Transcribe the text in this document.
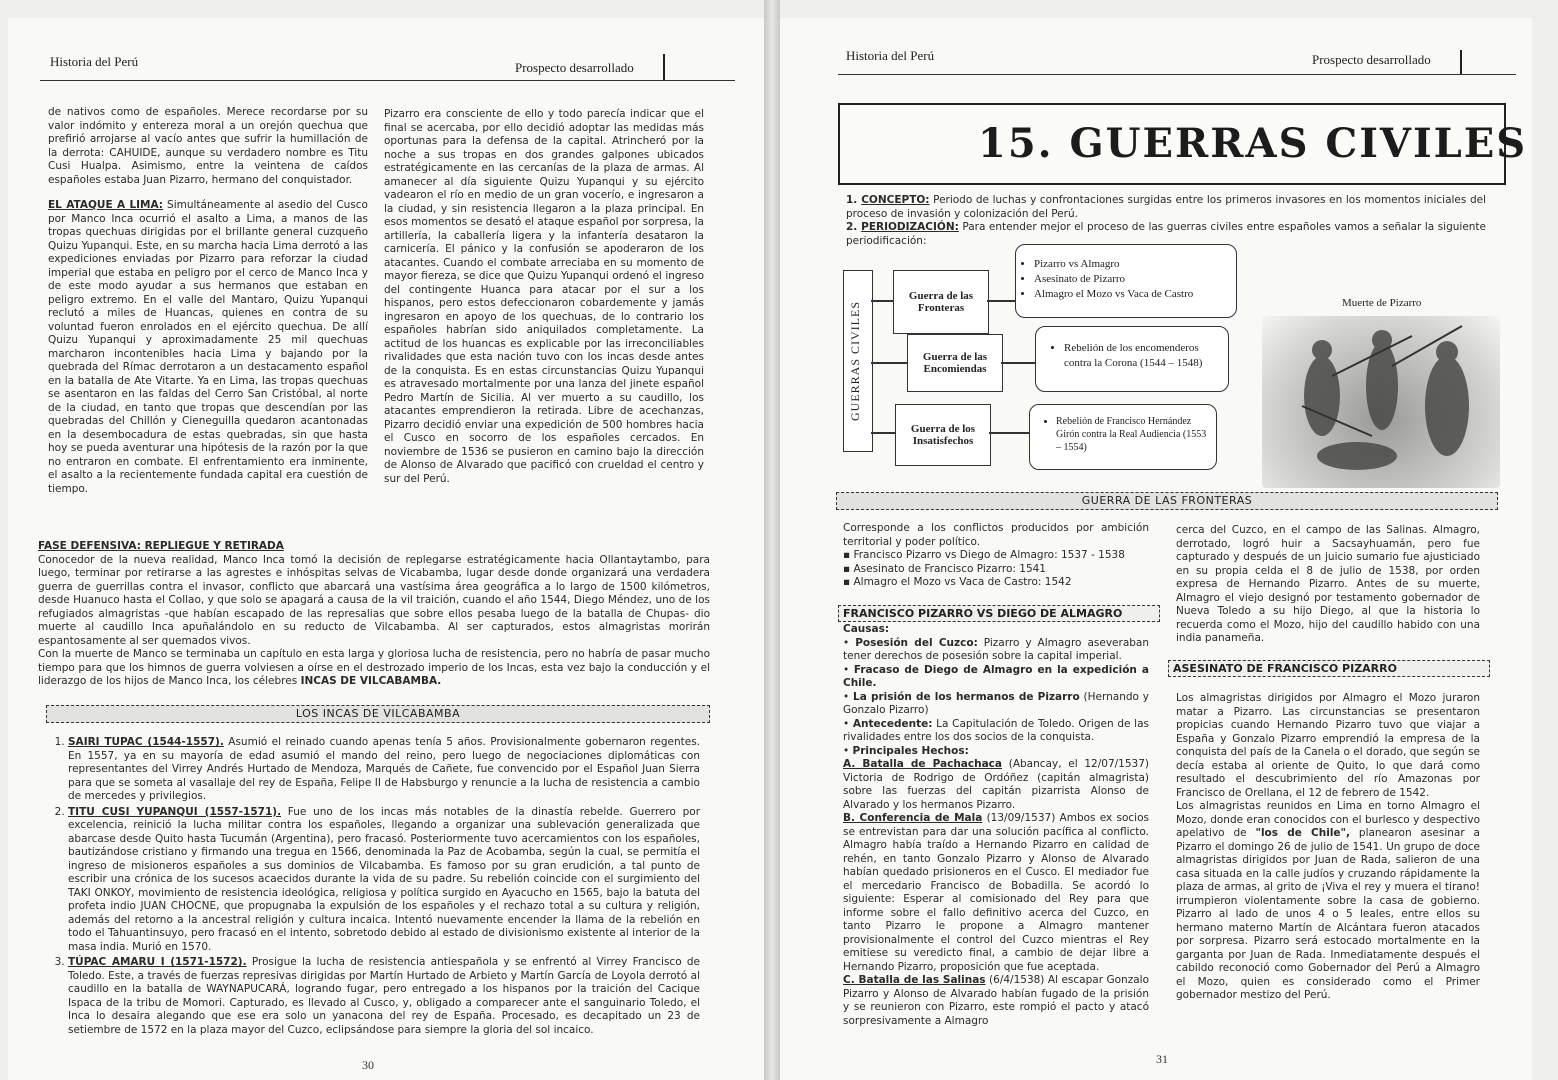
Historia del Perú	Prospecto desarrollado

de nativos como de españoles. Merece recordarse por su valor indómito y entereza moral a un orejón quechua que prefirió arrojarse al vacío antes que sufrir la humillación de la derrota: CAHUIDE, aunque su verdadero nombre es Titu Cusi Hualpa. Asimismo, entre la veintena de caídos españoles estaba Juan Pizarro, hermano del conquistador.

EL ATAQUE A LIMA: Simultáneamente al asedio del Cusco por Manco Inca ocurrió el asalto a Lima, a manos de las tropas quechuas dirigidas por el brillante general cuzqueño Quizu Yupanqui. Este, en su marcha hacia Lima derrotó a las expediciones enviadas por Pizarro para reforzar la ciudad imperial que estaba en peligro por el cerco de Manco Inca y de este modo ayudar a sus hermanos que estaban en peligro extremo. En el valle del Mantaro, Quizu Yupanqui reclutó a miles de Huancas, quienes en contra de su voluntad fueron enrolados en el ejército quechua. De allí Quizu Yupanqui y aproximadamente 25 mil quechuas marcharon incontenibles hacia Lima y bajando por la quebrada del Rímac derrotaron a un destacamento español en la batalla de Ate Vitarte. Ya en Lima, las tropas quechuas se asentaron en las faldas del Cerro San Cristóbal, al norte de la ciudad, en tanto que tropas que descendían por las quebradas del Chillón y Cieneguilla quedaron acantonadas en la desembocadura de estas quebradas, sin que hasta hoy se pueda aventurar una hipótesis de la razón por la que no entraron en combate. El enfrentamiento era inminente, el asalto a la recientemente fundada capital era cuestión de tiempo.

Pizarro era consciente de ello y todo parecía indicar que el final se acercaba, por ello decidió adoptar las medidas más oportunas para la defensa de la capital. Atrincheró por la noche a sus tropas en dos grandes galpones ubicados estratégicamente en las cercanías de la plaza de armas. Al amanecer al día siguiente Quizu Yupanqui y su ejército vadearon el río en medio de un gran vocerío, e ingresaron a la ciudad, y sin resistencia llegaron a la plaza principal. En esos momentos se desató el ataque español por sorpresa, la artillería, la caballería ligera y la infantería desataron la carnicería. El pánico y la confusión se apoderaron de los atacantes. Cuando el combate arreciaba en su momento de mayor fiereza, se dice que Quizu Yupanqui ordenó el ingreso del contingente Huanca para atacar por el sur a los hispanos, pero estos defeccionaron cobardemente y jamás ingresaron en apoyo de los quechuas, de lo contrario los españoles habrían sido aniquilados completamente. La actitud de los huancas es explicable por las irreconciliables rivalidades que esta nación tuvo con los incas desde antes de la conquista. Es en estas circunstancias Quizu Yupanqui es atravesado mortalmente por una lanza del jinete español Pedro Martín de Sicilia. Al ver muerto a su caudillo, los atacantes emprendieron la retirada. Libre de acechanzas, Pizarro decidió enviar una expedición de 500 hombres hacia el Cusco en socorro de los españoles cercados. En noviembre de 1536 se pusieron en camino bajo la dirección de Alonso de Alvarado que pacificó con crueldad el centro y sur del Perú.

FASE DEFENSIVA: REPLIEGUE Y RETIRADA

Conocedor de la nueva realidad, Manco Inca tomó la decisión de replegarse estratégicamente hacia Ollantaytambo, para luego, terminar por retirarse a las agrestes e inhóspitas selvas de Vicabamba, lugar desde donde organizará una verdadera guerra de guerrillas contra el invasor, conflicto que abarcará una vastísima área geográfica a lo largo de 1500 kilómetros, desde Huanuco hasta el Collao, y que solo se apagará a causa de la vil traición, cuando el año 1544, Diego Méndez, uno de los refugiados almagristas -que habían escapado de las represalias que sobre ellos pesaba luego de la batalla de Chupas- dio muerte al caudillo Inca apuñalándolo en su reducto de Vilcabamba. Al ser capturados, estos almagristas morirán espantosamente al ser quemados vivos.

Con la muerte de Manco se terminaba un capítulo en esta larga y gloriosa lucha de resistencia, pero no habría de pasar mucho tiempo para que los himnos de guerra volviesen a oírse en el destrozado imperio de los Incas, esta vez bajo la conducción y el liderazgo de los hijos de Manco Inca, los célebres INCAS DE VILCABAMBA.

LOS INCAS DE VILCABAMBA
1. SAIRI TUPAC (1544-1557). Asumió el reinado cuando apenas tenía 5 años. Provisionalmente gobernaron regentes. En 1557, ya en su mayoría de edad asumió el mando del reino, pero luego de negociaciones diplomáticas con representantes del Virrey Andrés Hurtado de Mendoza, Marqués de Cañete, fue convencido por el Español Juan Sierra para que se someta al vasallaje del rey de España, Felipe II de Habsburgo y renuncie a la lucha de resistencia a cambio de mercedes y privilegios.
2. TITU CUSI YUPANQUI (1557-1571). Fue uno de los incas más notables de la dinastía rebelde. Guerrero por excelencia, reinició la lucha militar contra los españoles, llegando a organizar una sublevación generalizada que abarcase desde Quito hasta Tucumán (Argentina), pero fracasó. Posteriormente tuvo acercamientos con los españoles, bautizándose cristiano y firmando una tregua en 1566, denominada la Paz de Acobamba, según la cual, se permitía el ingreso de misioneros españoles a sus dominios de Vilcabamba. Es famoso por su gran erudición, a tal punto de escribir una crónica de los sucesos acaecidos durante la vida de su padre. Su rebelión coincide con el surgimiento del TAKI ONKOY, movimiento de resistencia ideológica, religiosa y política surgido en Ayacucho en 1565, bajo la batuta del profeta indio JUAN CHOCNE, que propugnaba la expulsión de los españoles y el rechazo total a su cultura y religión, además del retorno a la ancestral religión y cultura incaica. Intentó nuevamente encender la llama de la rebelión en todo el Tahuantinsuyo, pero fracasó en el intento, sobretodo debido al estado de divisionismo existente al interior de la masa india. Murió en 1570.
3. TÚPAC AMARU I (1571-1572). Prosigue la lucha de resistencia antiespañola y se enfrentó al Virrey Francisco de Toledo. Este, a través de fuerzas represivas dirigidas por Martín Hurtado de Arbieto y Martín García de Loyola derrotó al caudillo en la batalla de WAYNAPUCARÁ, logrando fugar, pero entregado a los hispanos por la traición del Cacique Ispaca de la tribu de Momori. Capturado, es llevado al Cusco, y, obligado a comparecer ante el sanguinario Toledo, el Inca lo desaira alegando que ese era solo un yanacona del rey de España. Procesado, es decapitado un 23 de setiembre de 1572 en la plaza mayor del Cuzco, eclipsándose para siempre la gloria del sol incaico.
30
Historia del Perú	Prospecto desarrollado
15. GUERRAS CIVILES

1. CONCEPTO: Periodo de luchas y confrontaciones surgidas entre los primeros invasores en los momentos iniciales del proceso de invasión y colonización del Perú.

2. PERIODIZACIÓN: Para entender mejor el proceso de las guerras civiles entre españoles vamos a señalar la siguiente periodificación:

GUERRAS CIVILES
Guerra de las Fronteras
Guerra de las Encomiendas
Guerra de los Insatisfechos
• Pizarro vs Almagro
• Asesinato de Pizarro
• Almagro el Mozo vs Vaca de Castro
• Rebelión de los encomenderos contra la Corona (1544 – 1548)
• Rebelión de Francisco Hernández Girón contra la Real Audiencia (1553 – 1554)
Muerte de Pizarro
GUERRA DE LAS FRONTERAS

Corresponde a los conflictos producidos por ambición territorial y poder político.

▪ Francisco Pizarro vs Diego de Almagro: 1537 - 1538

▪ Asesinato de Francisco Pizarro: 1541

▪ Almagro el Mozo vs Vaca de Castro: 1542

FRANCISCO PIZARRO VS DIEGO DE ALMAGRO

Causas:

• Posesión del Cuzco: Pizarro y Almagro aseveraban tener derechos de posesión sobre la capital imperial.

• Fracaso de Diego de Almagro en la expedición a Chile.

• La prisión de los hermanos de Pizarro (Hernando y Gonzalo Pizarro)

• Antecedente: La Capitulación de Toledo. Origen de las rivalidades entre los dos socios de la conquista.

• Principales Hechos:

A. Batalla de Pachachaca (Abancay, el 12/07/1537) Victoria de Rodrigo de Ordóñez (capitán almagrista) sobre las fuerzas del capitán pizarrista Alonso de Alvarado y los hermanos Pizarro.

B. Conferencia de Mala (13/09/1537) Ambos ex socios se entrevistan para dar una solución pacífica al conflicto. Almagro había traído a Hernando Pizarro en calidad de rehén, en tanto Gonzalo Pizarro y Alonso de Alvarado habían quedado prisioneros en el Cusco. El mediador fue el mercedario Francisco de Bobadilla. Se acordó lo siguiente: Esperar al comisionado del Rey para que informe sobre el fallo definitivo acerca del Cuzco, en tanto Pizarro le propone a Almagro mantener provisionalmente el control del Cuzco mientras el Rey emitiese su veredicto final, a cambio de dejar libre a Hernando Pizarro, proposición que fue aceptada.

C. Batalla de las Salinas (6/4/1538) Al escapar Gonzalo Pizarro y Alonso de Alvarado habían fugado de la prisión y se reunieron con Pizarro, este rompió el pacto y atacó sorpresivamente a Almagro

cerca del Cuzco, en el campo de las Salinas. Almagro, derrotado, logró huir a Sacsayhuamán, pero fue capturado y después de un juicio sumario fue ajusticiado en su propia celda el 8 de julio de 1538, por orden expresa de Hernando Pizarro. Antes de su muerte, Almagro el viejo designó por testamento gobernador de Nueva Toledo a su hijo Diego, al que la historia lo recuerda como el Mozo, hijo del caudillo habido con una india panameña.

ASESINATO DE FRANCISCO PIZARRO

Los almagristas dirigidos por Almagro el Mozo juraron matar a Pizarro. Las circunstancias se presentaron propicias cuando Hernando Pizarro tuvo que viajar a España y Gonzalo Pizarro emprendió la empresa de la conquista del país de la Canela o el dorado, que según se decía estaba al oriente de Quito, lo que dará como resultado el descubrimiento del río Amazonas por Francisco de Orellana, el 12 de febrero de 1542.

Los almagristas reunidos en Lima en torno Almagro el Mozo, donde eran conocidos con el burlesco y despectivo apelativo de "los de Chile", planearon asesinar a Pizarro el domingo 26 de julio de 1541. Un grupo de doce almagristas dirigidos por Juan de Rada, salieron de una casa situada en la calle judíos y cruzando rápidamente la plaza de armas, al grito de ¡Viva el rey y muera el tirano! irrumpieron violentamente sobre la casa de gobierno. Pizarro al lado de unos 4 o 5 leales, entre ellos su hermano materno Martín de Alcántara fueron atacados por sorpresa. Pizarro será estocado mortalmente en la garganta por Juan de Rada. Inmediatamente después el cabildo reconoció como Gobernador del Perú a Almagro el Mozo, quien es considerado como el Primer gobernador mestizo del Perú.

31
